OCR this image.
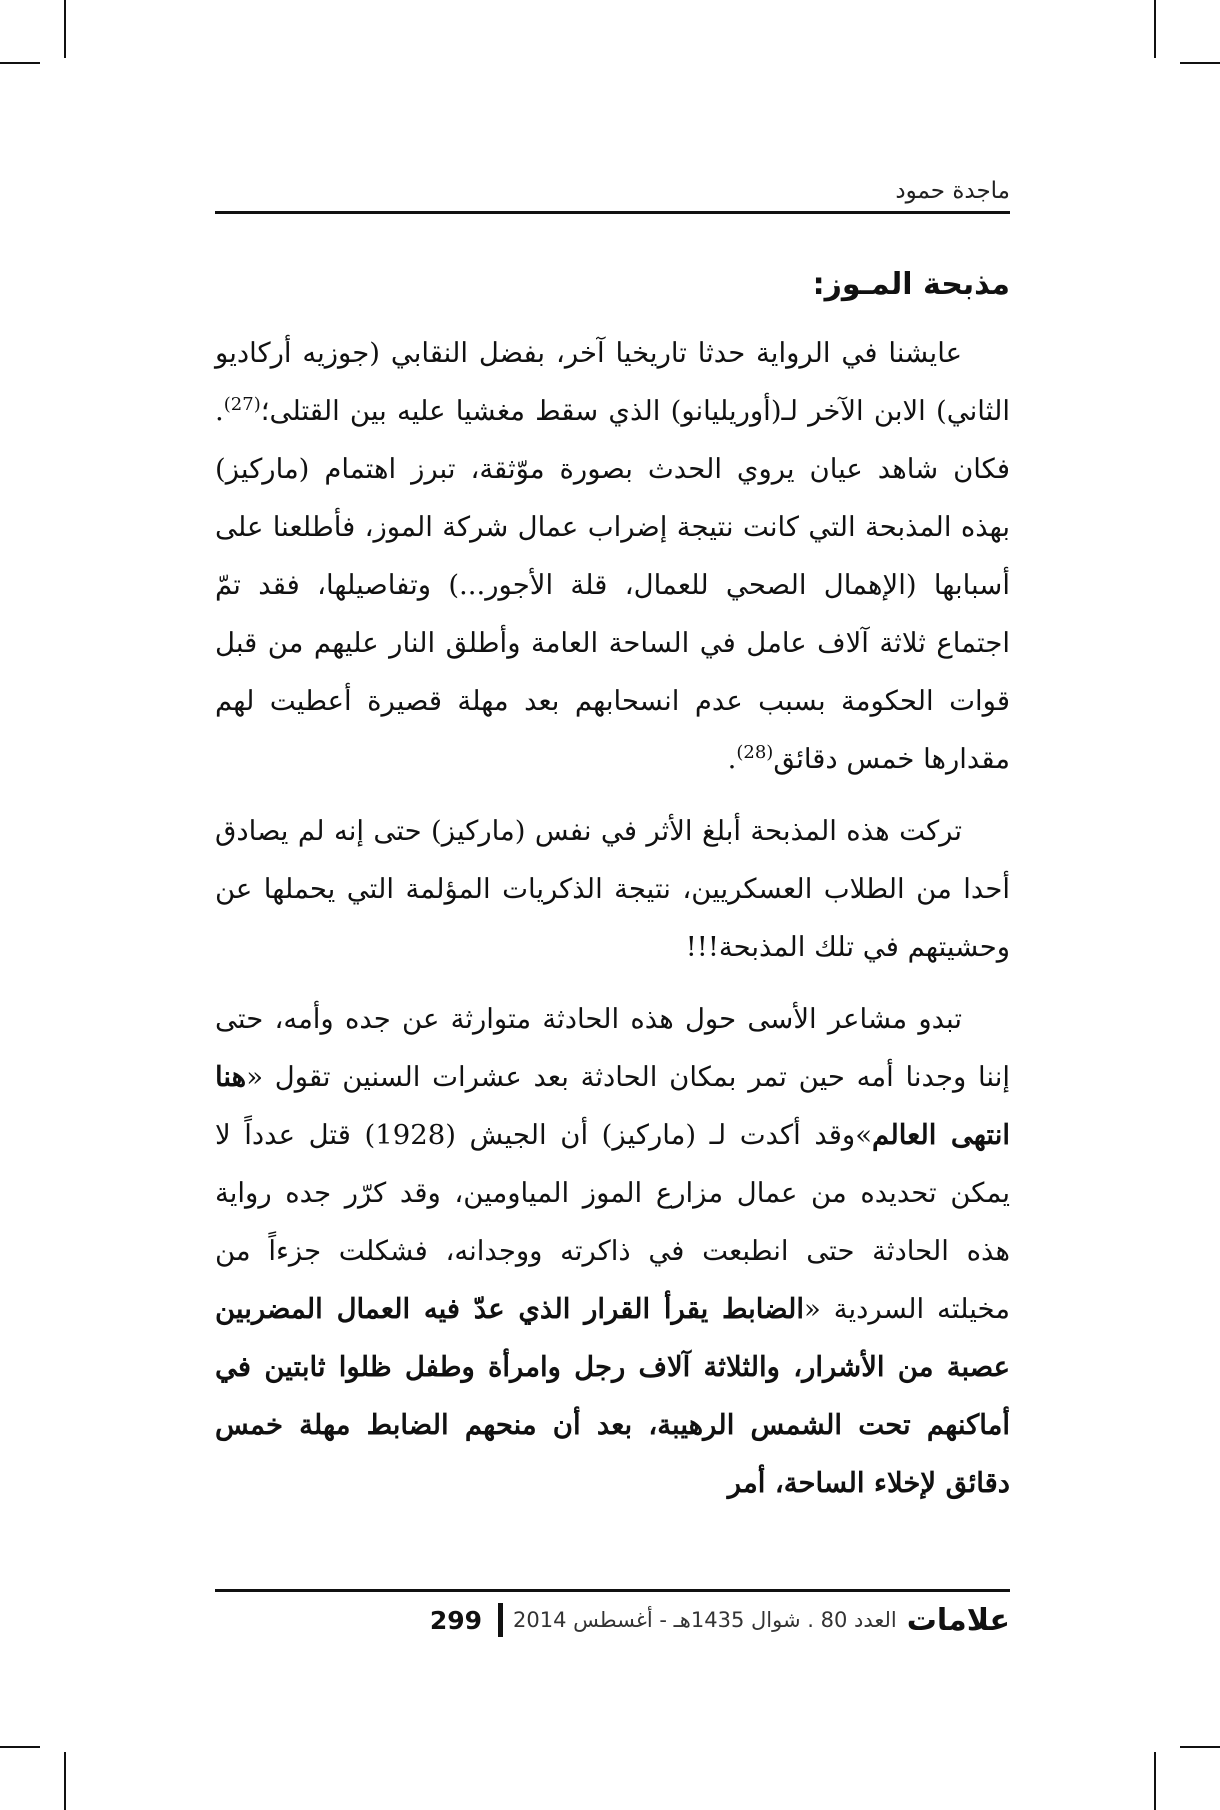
ماجدة حمود
مذبحة المـوز:

عايشنا في الرواية حدثا تاريخيا آخر، بفضل النقابي (جوزيه أركاديو الثاني) الابن الآخر لـ(أوريليانو) الذي سقط مغشيا عليه بين القتلى؛$^{(27)}$. فكان شاهد عيان يروي الحدث بصورة موّثقة، تبرز اهتمام (ماركيز) بهذه المذبحة التي كانت نتيجة إضراب عمال شركة الموز، فأطلعنا على أسبابها (الإهمال الصحي للعمال، قلة الأجور...) وتفاصيلها، فقد تمّ اجتماع ثلاثة آلاف عامل في الساحة العامة وأطلق النار عليهم من قبل قوات الحكومة بسبب عدم انسحابهم بعد مهلة قصيرة أعطيت لهم مقدارها خمس دقائق$^{(28)}$.

تركت هذه المذبحة أبلغ الأثر في نفس (ماركيز) حتى إنه لم يصادق أحدا من الطلاب العسكريين، نتيجة الذكريات المؤلمة التي يحملها عن وحشيتهم في تلك المذبحة!!!

تبدو مشاعر الأسى حول هذه الحادثة متوارثة عن جده وأمه، حتى إننا وجدنا أمه حين تمر بمكان الحادثة بعد عشرات السنين تقول «هنا انتهى العالم»وقد أكدت لـ (ماركيز) أن الجيش (1928) قتل عدداً لا يمكن تحديده من عمال مزارع الموز المياومين، وقد كرّر جده رواية هذه الحادثة حتى انطبعت في ذاكرته ووجدانه، فشكلت جزءاً من مخيلته السردية «الضابط يقرأ القرار الذي عدّ فيه العمال المضربين عصبة من الأشرار، والثلاثة آلاف رجل وامرأة وطفل ظلوا ثابتين في أماكنهم تحت الشمس الرهيبة، بعد أن منحهم الضابط مهلة خمس دقائق لإخلاء الساحة، أمر

علامات
العدد 80 . شوال 1435هـ - أغسطس 2014
299
